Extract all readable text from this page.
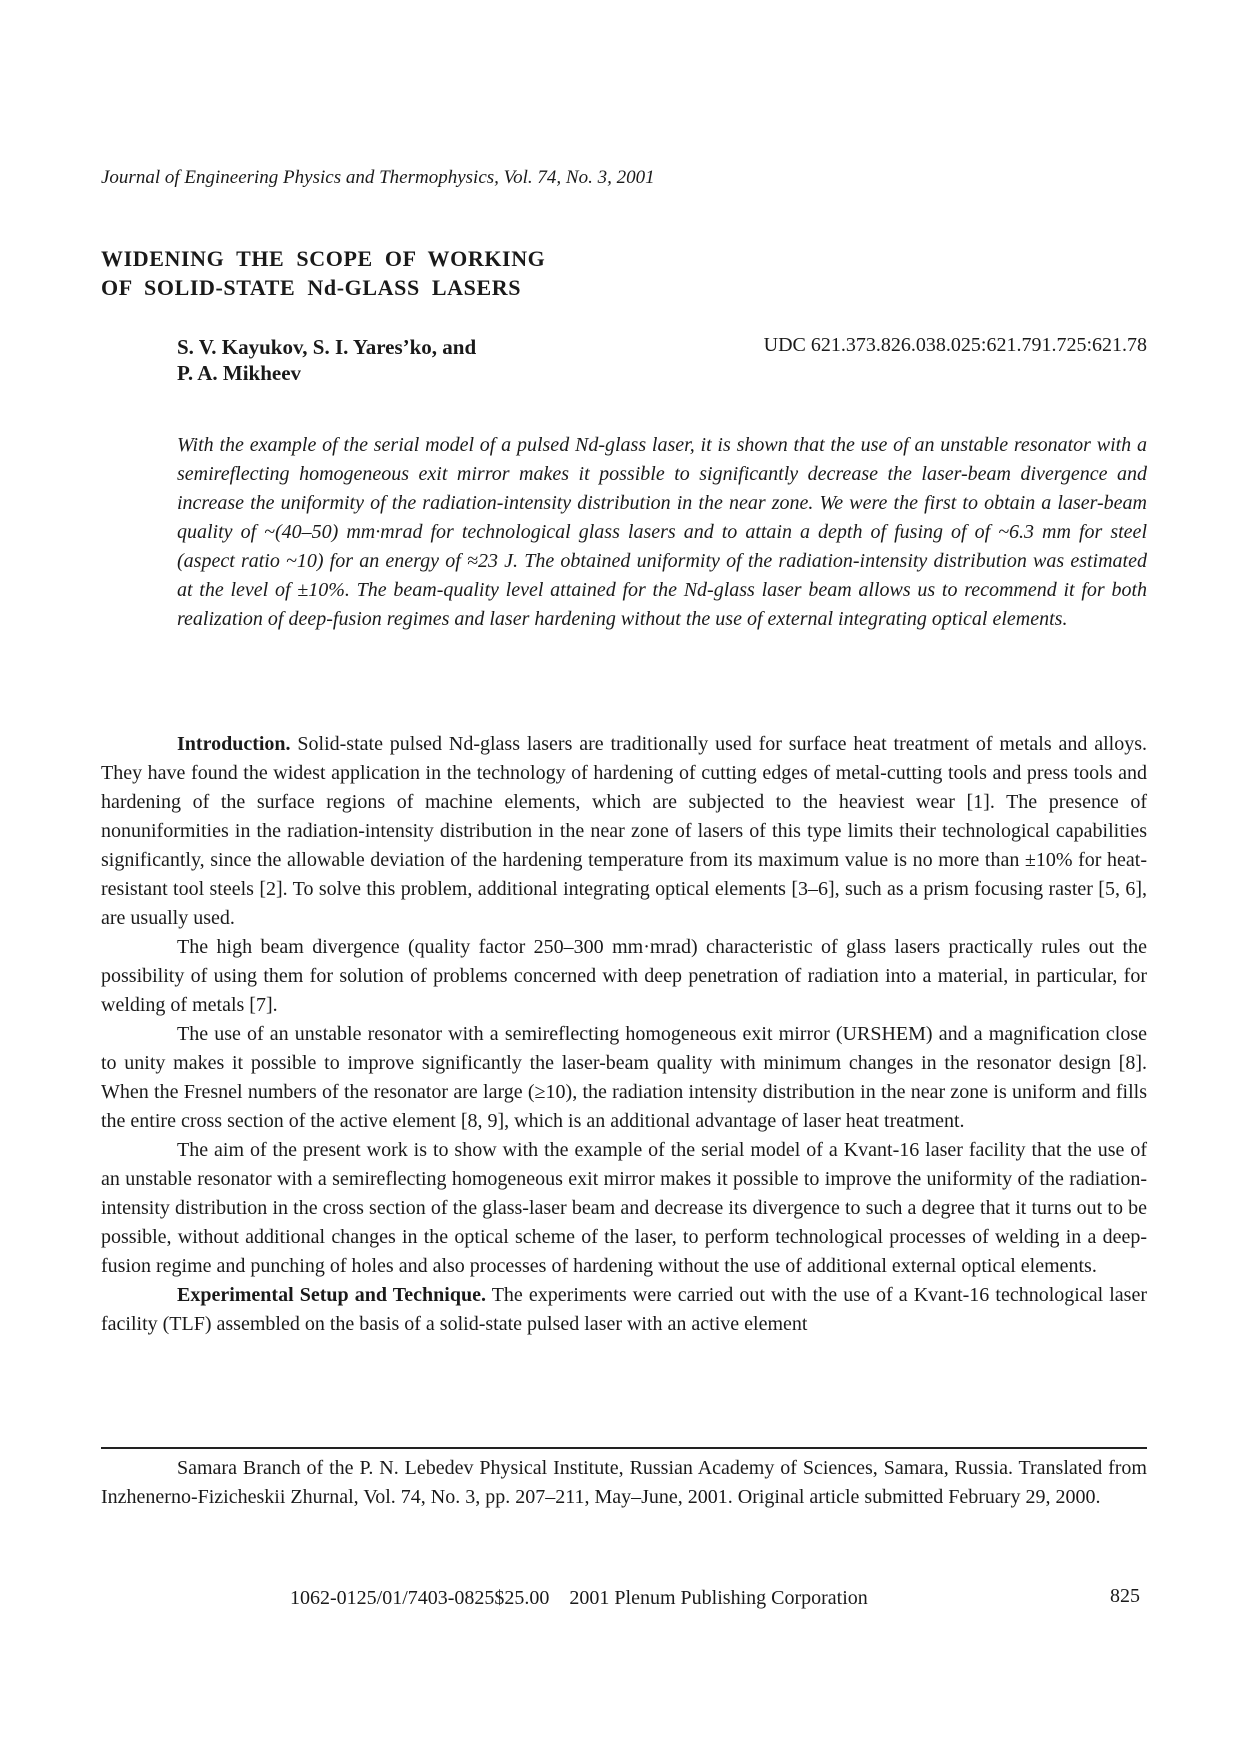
Journal of Engineering Physics and Thermophysics, Vol. 74, No. 3, 2001
WIDENING THE SCOPE OF WORKING
OF SOLID-STATE Nd-GLASS LASERS
S. V. Kayukov, S. I. Yares’ko, and
P. A. Mikheev
UDC 621.373.826.038.025:621.791.725:621.78
With the example of the serial model of a pulsed Nd-glass laser, it is shown that the use of an unstable resonator with a semireflecting homogeneous exit mirror makes it possible to significantly decrease the laser-beam divergence and increase the uniformity of the radiation-intensity distribution in the near zone. We were the first to obtain a laser-beam quality of ~(40–50) mm·mrad for technological glass lasers and to attain a depth of fusing of of ~6.3 mm for steel (aspect ratio ~10) for an energy of ≈23 J. The obtained uniformity of the radiation-intensity distribution was estimated at the level of ±10%. The beam-quality level attained for the Nd-glass laser beam allows us to recommend it for both realization of deep-fusion regimes and laser hardening without the use of external integrating optical elements.

Introduction. Solid-state pulsed Nd-glass lasers are traditionally used for surface heat treatment of metals and alloys. They have found the widest application in the technology of hardening of cutting edges of metal-cutting tools and press tools and hardening of the surface regions of machine elements, which are subjected to the heaviest wear [1]. The presence of nonuniformities in the radiation-intensity distribution in the near zone of lasers of this type limits their technological capabilities significantly, since the allowable deviation of the hardening temperature from its maximum value is no more than ±10% for heat-resistant tool steels [2]. To solve this problem, additional integrating optical elements [3–6], such as a prism focusing raster [5, 6], are usually used.

The high beam divergence (quality factor 250–300 mm·mrad) characteristic of glass lasers practically rules out the possibility of using them for solution of problems concerned with deep penetration of radiation into a material, in particular, for welding of metals [7].

The use of an unstable resonator with a semireflecting homogeneous exit mirror (URSHEM) and a magnification close to unity makes it possible to improve significantly the laser-beam quality with minimum changes in the resonator design [8]. When the Fresnel numbers of the resonator are large (≥10), the radiation intensity distribution in the near zone is uniform and fills the entire cross section of the active element [8, 9], which is an additional advantage of laser heat treatment.

The aim of the present work is to show with the example of the serial model of a Kvant-16 laser facility that the use of an unstable resonator with a semireflecting homogeneous exit mirror makes it possible to improve the uniformity of the radiation-intensity distribution in the cross section of the glass-laser beam and decrease its divergence to such a degree that it turns out to be possible, without additional changes in the optical scheme of the laser, to perform technological processes of welding in a deep-fusion regime and punching of holes and also processes of hardening without the use of additional external optical elements.

Experimental Setup and Technique. The experiments were carried out with the use of a Kvant-16 technological laser facility (TLF) assembled on the basis of a solid-state pulsed laser with an active element

Samara Branch of the P. N. Lebedev Physical Institute, Russian Academy of Sciences, Samara, Russia. Translated from Inzhenerno-Fizicheskii Zhurnal, Vol. 74, No. 3, pp. 207–211, May–June, 2001. Original article submitted February 29, 2000.
1062-0125/01/7403-0825$25.00    2001 Plenum Publishing Corporation	825
